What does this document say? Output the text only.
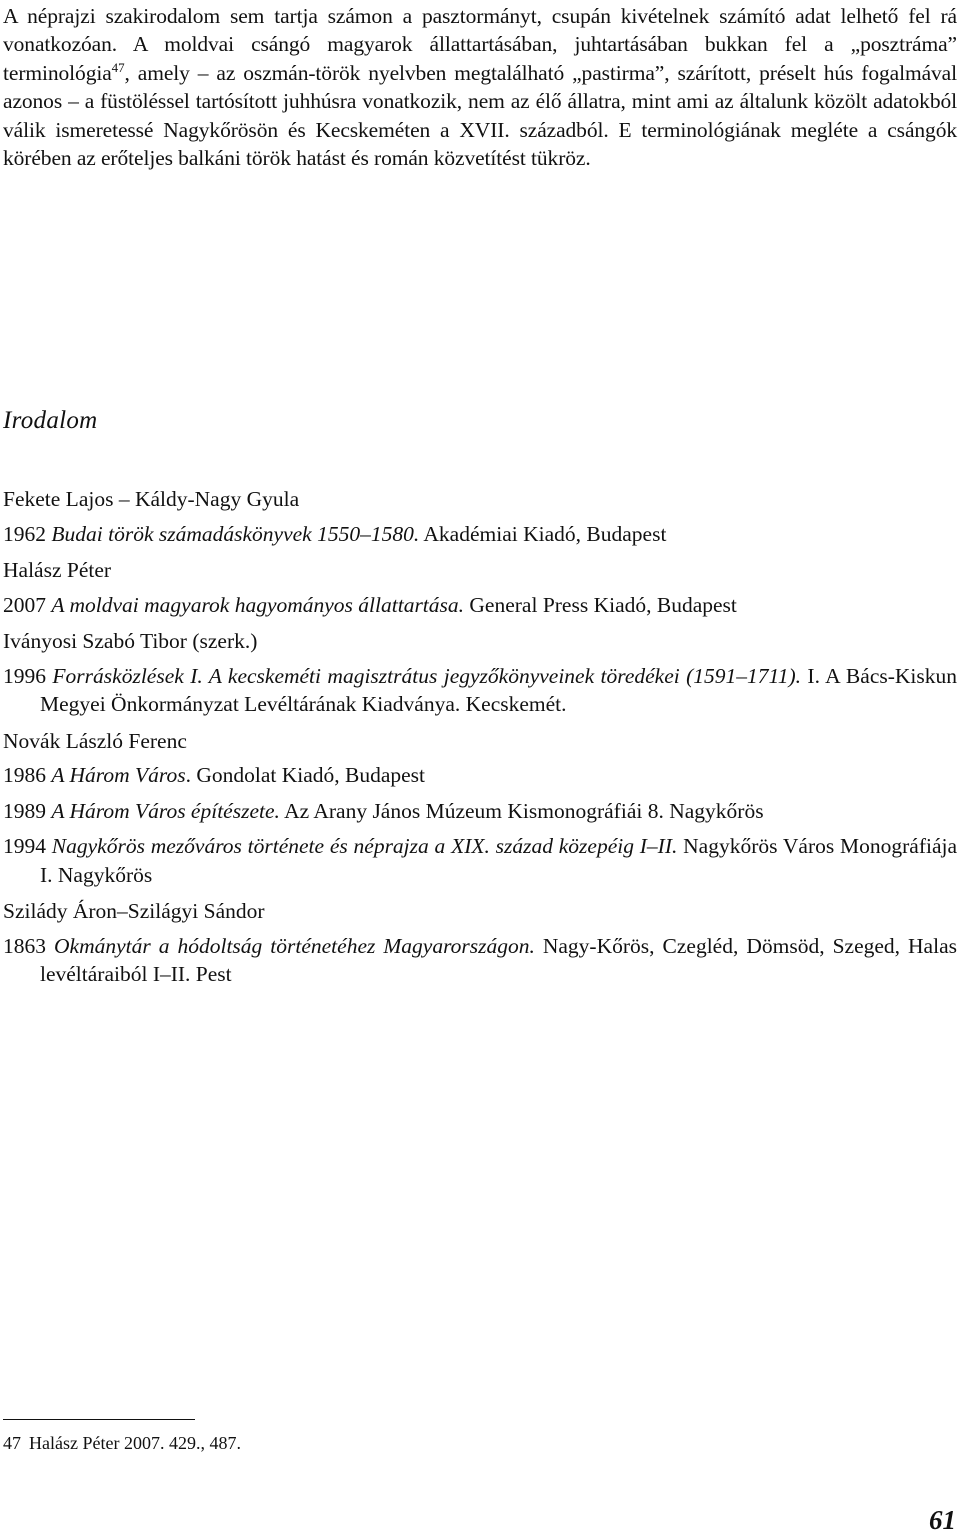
A néprajzi szakirodalom sem tartja számon a pasztormányt, csupán kivételnek számító adat lelhető fel rá vonatkozóan. A moldvai csángó magyarok állattartásában, juhtartásában bukkan fel a „posztráma” terminológia$^{47}$, amely – az oszmán-török nyelvben megtalálható „pastirma”, szárított, préselt hús fogalmával azonos – a füstöléssel tartósított juhhúsra vonatkozik, nem az élő állatra, mint ami az általunk közölt adatokból válik ismeretessé Nagykőrösön és Kecskeméten a XVII. századból. E terminológiának megléte a csángók körében az erőteljes balkáni török hatást és román közvetítést tükröz.

Irodalom
Fekete Lajos – Káldy-Nagy Gyula
1962 Budai török számadáskönyvek 1550–1580. Akadémiai Kiadó, Budapest
Halász Péter
2007 A moldvai magyarok hagyományos állattartása. General Press Kiadó, Budapest
Iványosi Szabó Tibor (szerk.)
1996 Forrásközlések I. A kecskeméti magisztrátus jegyzőkönyveinek töredékei (1591–1711). I. A Bács-Kiskun Megyei Önkormányzat Levéltárának Kiadványa. Kecskemét.
Novák László Ferenc
1986 A Három Város. Gondolat Kiadó, Budapest
1989 A Három Város építészete. Az Arany János Múzeum Kismonográfiái 8. Nagykőrös
1994 Nagykőrös mezőváros története és néprajza a XIX. század közepéig I–II. Nagykőrös Város Monográfiája I. Nagykőrös
Szilády Áron–Szilágyi Sándor
1863 Okmánytár a hódoltság történetéhez Magyarországon. Nagy-Kőrös, Czegléd, Dömsöd, Szeged, Halas levéltáraiból I–II. Pest
47 Halász Péter 2007. 429., 487.
61
